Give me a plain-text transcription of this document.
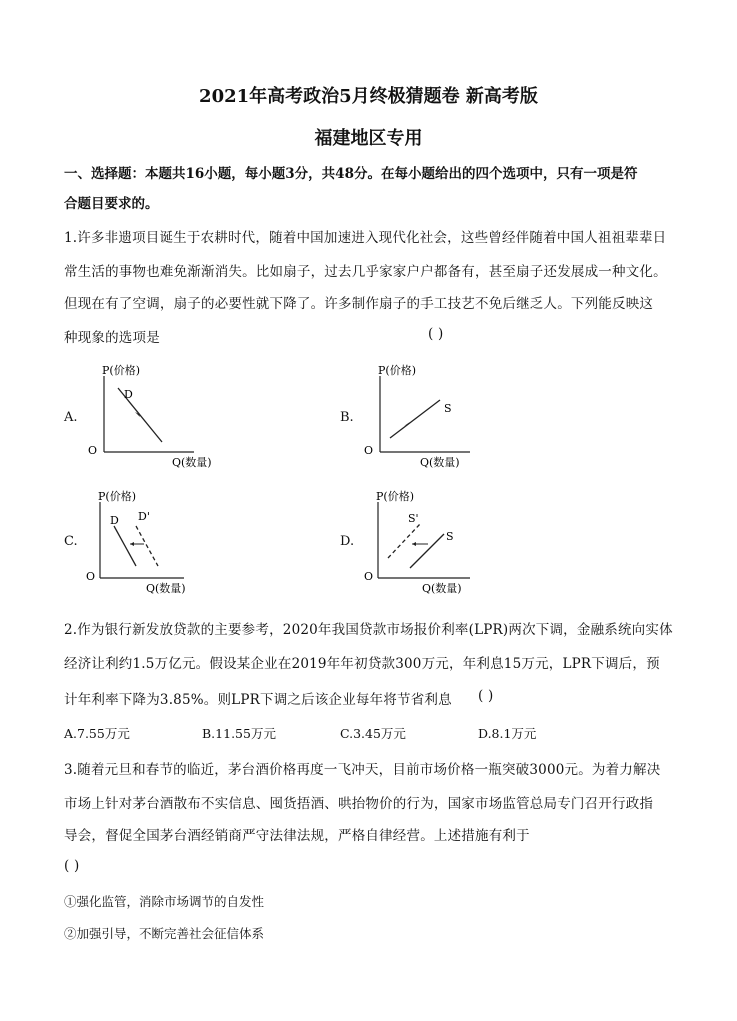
2021年高考政治5月终极猜题卷 新高考版
福建地区专用
一、选择题：本题共16小题，每小题3分，共48分。在每小题给出的四个选项中，只有一项是符
合题目要求的。
1.许多非遗项目诞生于农耕时代，随着中国加速进入现代化社会，这些曾经伴随着中国人祖祖辈辈日
常生活的事物也难免渐渐消失。比如扇子，过去几乎家家户户都备有，甚至扇子还发展成一种文化。
但现在有了空调，扇子的必要性就下降了。许多制作扇子的手工技艺不免后继乏人。下列能反映这
种现象的选项是	( )
A.
P(价格)
O
Q(数量)
D
B.
P(价格)
O
Q(数量)
S
C.
P(价格)
O
Q(数量)
D D'
D.
P(价格)
O
Q(数量)
S'
S
2.作为银行新发放贷款的主要参考，2020年我国贷款市场报价利率(LPR)两次下调，金融系统向实体
经济让利约1.5万亿元。假设某企业在2019年年初贷款300万元，年利息15万元，LPR下调后，预
计年利率下降为3.85%。则LPR下调之后该企业每年将节省利息 ( )
A.7.55万元	B.11.55万元	C.3.45万元	D.8.1万元
3.随着元旦和春节的临近，茅台酒价格再度一飞冲天，目前市场价格一瓶突破3000元。为着力解决
市场上针对茅台酒散布不实信息、囤货捂酒、哄抬物价的行为，国家市场监管总局专门召开行政指
导会，督促全国茅台酒经销商严守法律法规，严格自律经营。上述措施有利于
( )
①强化监管，消除市场调节的自发性
②加强引导，不断完善社会征信体系
